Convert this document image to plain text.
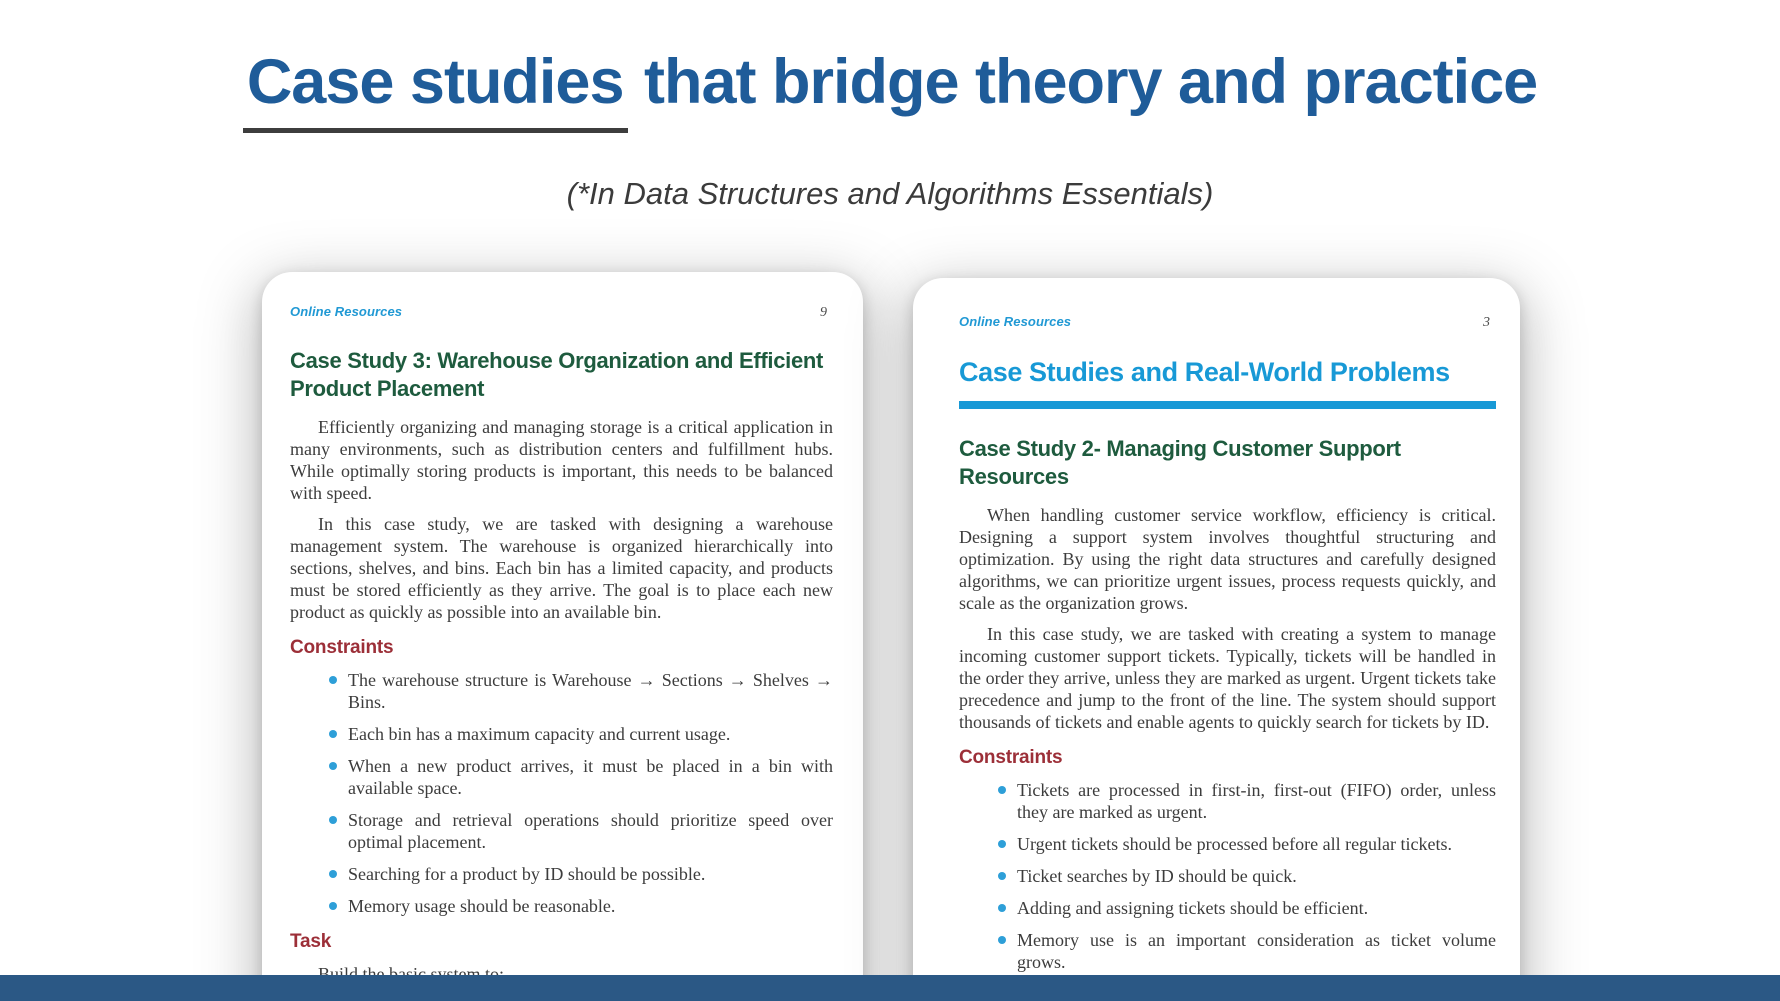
Case studies that bridge theory and practice
(*In Data Structures and Algorithms Essentials)
Online Resources	9
Case Study 3: Warehouse Organization and Efficient Product Placement

Efficiently organizing and managing storage is a critical application in many environments, such as distribution centers and fulfillment hubs. While optimally storing products is important, this needs to be balanced with speed.

In this case study, we are tasked with designing a warehouse management system. The warehouse is organized hierarchically into sections, shelves, and bins. Each bin has a limited capacity, and products must be stored efficiently as they arrive. The goal is to place each new product as quickly as possible into an available bin.

Constraints
The warehouse structure is Warehouse → Sections → Shelves → Bins.
Each bin has a maximum capacity and current usage.
When a new product arrives, it must be placed in a bin with available space.
Storage and retrieval operations should prioritize speed over optimal placement.
Searching for a product by ID should be possible.
Memory usage should be reasonable.
Task
Online Resources	3
Case Studies and Real-World Problems
Case Study 2- Managing Customer Support Resources

When handling customer service workflow, efficiency is critical. Designing a support system involves thoughtful structuring and optimization. By using the right data structures and carefully designed algorithms, we can prioritize urgent issues, process requests quickly, and scale as the organization grows.

In this case study, we are tasked with creating a system to manage incoming customer support tickets. Typically, tickets will be handled in the order they arrive, unless they are marked as urgent. Urgent tickets take precedence and jump to the front of the line. The system should support thousands of tickets and enable agents to quickly search for tickets by ID.

Constraints
Tickets are processed in first-in, first-out (FIFO) order, unless they are marked as urgent.
Urgent tickets should be processed before all regular tickets.
Ticket searches by ID should be quick.
Adding and assigning tickets should be efficient.
Memory use is an important consideration as ticket volume grows.
